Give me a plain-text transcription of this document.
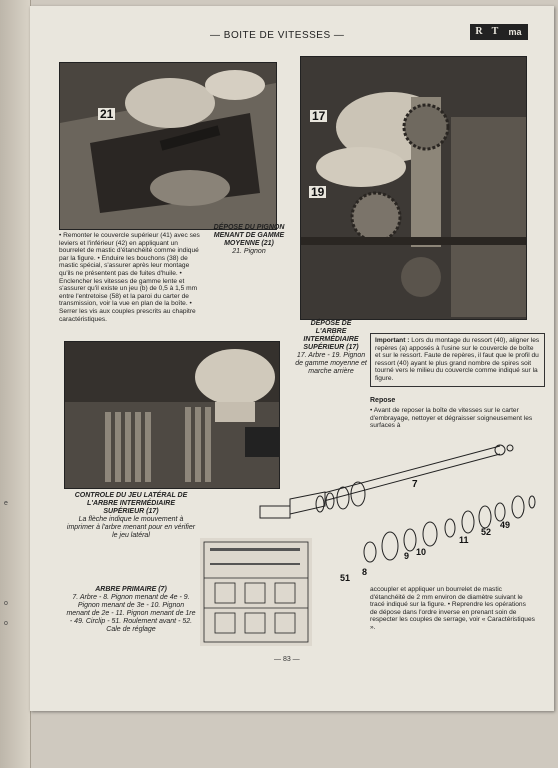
e
o
o
— BOITE DE VITESSES —	R T	ma
21	17
19
• Remonter le couvercle supérieur (41) avec ses leviers et l'inférieur (42) en appliquant un bourrelet de mastic d'étanchéité comme indiqué par la figure. • Enduire les bouchons (38) de mastic spécial, s'assurer après leur montage qu'ils ne présentent pas de fuites d'huile. • Enclencher les vitesses de gamme lente et s'assurer qu'il existe un jeu (b) de 0,5 à 1,5 mm entre l'entretoise (58) et la paroi du carter de transmission, voir la vue en plan de la boîte. • Serrer les vis aux couples prescrits au chapitre caractéristiques.
DÉPOSE DU PIGNON MENANT DE GAMME MOYENNE (21)
21. Pignon
DÉPOSE DE L'ARBRE INTERMÉDIAIRE SUPÉRIEUR (17)
17. Arbre - 19. Pignon de gamme moyenne et marche arrière
Important : Lors du montage du ressort (40), aligner les repères (a) apposés à l'usine sur le couvercle de boîte et sur le ressort. Faute de repères, il faut que le profil du ressort (40) ayant le plus grand nombre de spires soit tourné vers le milieu du couvercle comme indiqué sur la figure.
Repose
• Avant de reposer la boîte de vitesses sur le carter d'embrayage, nettoyer et dégraisser soigneusement les surfaces à
CONTROLE DU JEU LATÉRAL DE L'ARBRE INTERMÉDIAIRE SUPÉRIEUR (17)
La flèche indique le mouvement à imprimer à l'arbre menant pour en vérifier le jeu latéral
ARBRE PRIMAIRE (7)
7. Arbre - 8. Pignon menant de 4e - 9. Pignon menant de 3e - 10. Pignon menant de 2e - 11. Pignon menant de 1re - 49. Circlip - 51. Roulement avant - 52. Cale de réglage
7
11
52
49
9 10
51
8
accoupler et appliquer un bourrelet de mastic d'étanchéité de 2 mm environ de diamètre suivant le tracé indiqué sur la figure. • Reprendre les opérations de dépose dans l'ordre inverse en prenant soin de respecter les couples de serrage, voir « Caractéristiques ».
— 83 —
